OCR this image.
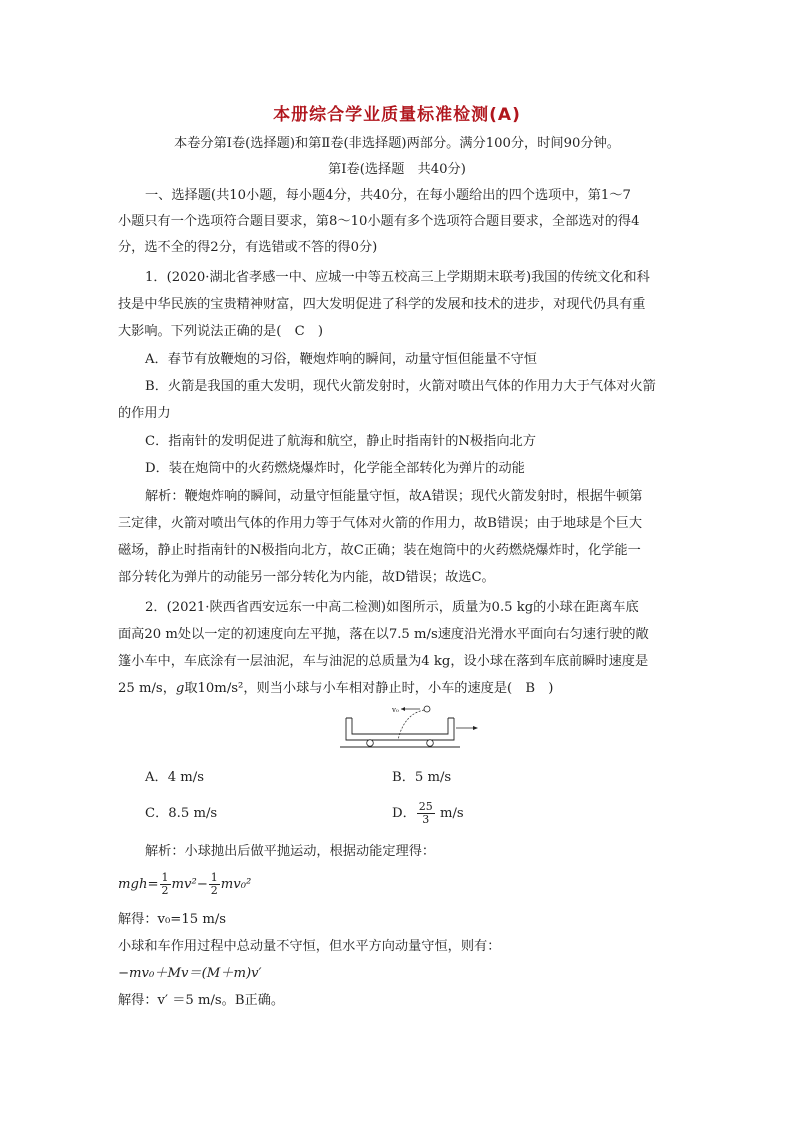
本册综合学业质量标准检测(A)
本卷分第Ⅰ卷(选择题)和第Ⅱ卷(非选择题)两部分。满分100分，时间90分钟。
第Ⅰ卷(选择题　共40分)
一、选择题(共10小题，每小题4分，共40分，在每小题给出的四个选项中，第1～7
小题只有一个选项符合题目要求，第8～10小题有多个选项符合题目要求，全部选对的得4
分，选不全的得2分，有选错或不答的得0分)
1．(2020·湖北省孝感一中、应城一中等五校高三上学期期末联考)我国的传统文化和科
技是中华民族的宝贵精神财富，四大发明促进了科学的发展和技术的进步，对现代仍具有重
大影响。下列说法正确的是(　C　)
A．春节有放鞭炮的习俗，鞭炮炸响的瞬间，动量守恒但能量不守恒
B．火箭是我国的重大发明，现代火箭发射时，火箭对喷出气体的作用力大于气体对火箭
的作用力
C．指南针的发明促进了航海和航空，静止时指南针的N极指向北方
D．装在炮筒中的火药燃烧爆炸时，化学能全部转化为弹片的动能
解析：鞭炮炸响的瞬间，动量守恒能量守恒，故A错误；现代火箭发射时，根据牛顿第
三定律，火箭对喷出气体的作用力等于气体对火箭的作用力，故B错误；由于地球是个巨大
磁场，静止时指南针的N极指向北方，故C正确；装在炮筒中的火药燃烧爆炸时，化学能一
部分转化为弹片的动能另一部分转化为内能，故D错误；故选C。
2．(2021·陕西省西安远东一中高二检测)如图所示，质量为0.5 kg的小球在距离车底
面高20 m处以一定的初速度向左平抛，落在以7.5 m/s速度沿光滑水平面向右匀速行驶的敞
篷小车中，车底涂有一层油泥，车与油泥的总质量为4 kg，设小球在落到车底前瞬时速度是
25 m/s，g取10m/s²，则当小球与小车相对静止时，小车的速度是(　B　)
v₀
A．4 m/s	B．5 m/s
C．8.5 m/s	D． $\frac{25}{3} m/s$
解析：小球抛出后做平抛运动，根据动能定理得：
$mgh= \frac{1}{2} mv^2- \frac{1}{2} mv_0^2$
解得：v₀=15 m/s
小球和车作用过程中总动量不守恒，但水平方向动量守恒，则有：
−mv₀＋Mv＝(M＋m)v′
解得：v′ ＝5 m/s。B正确。
